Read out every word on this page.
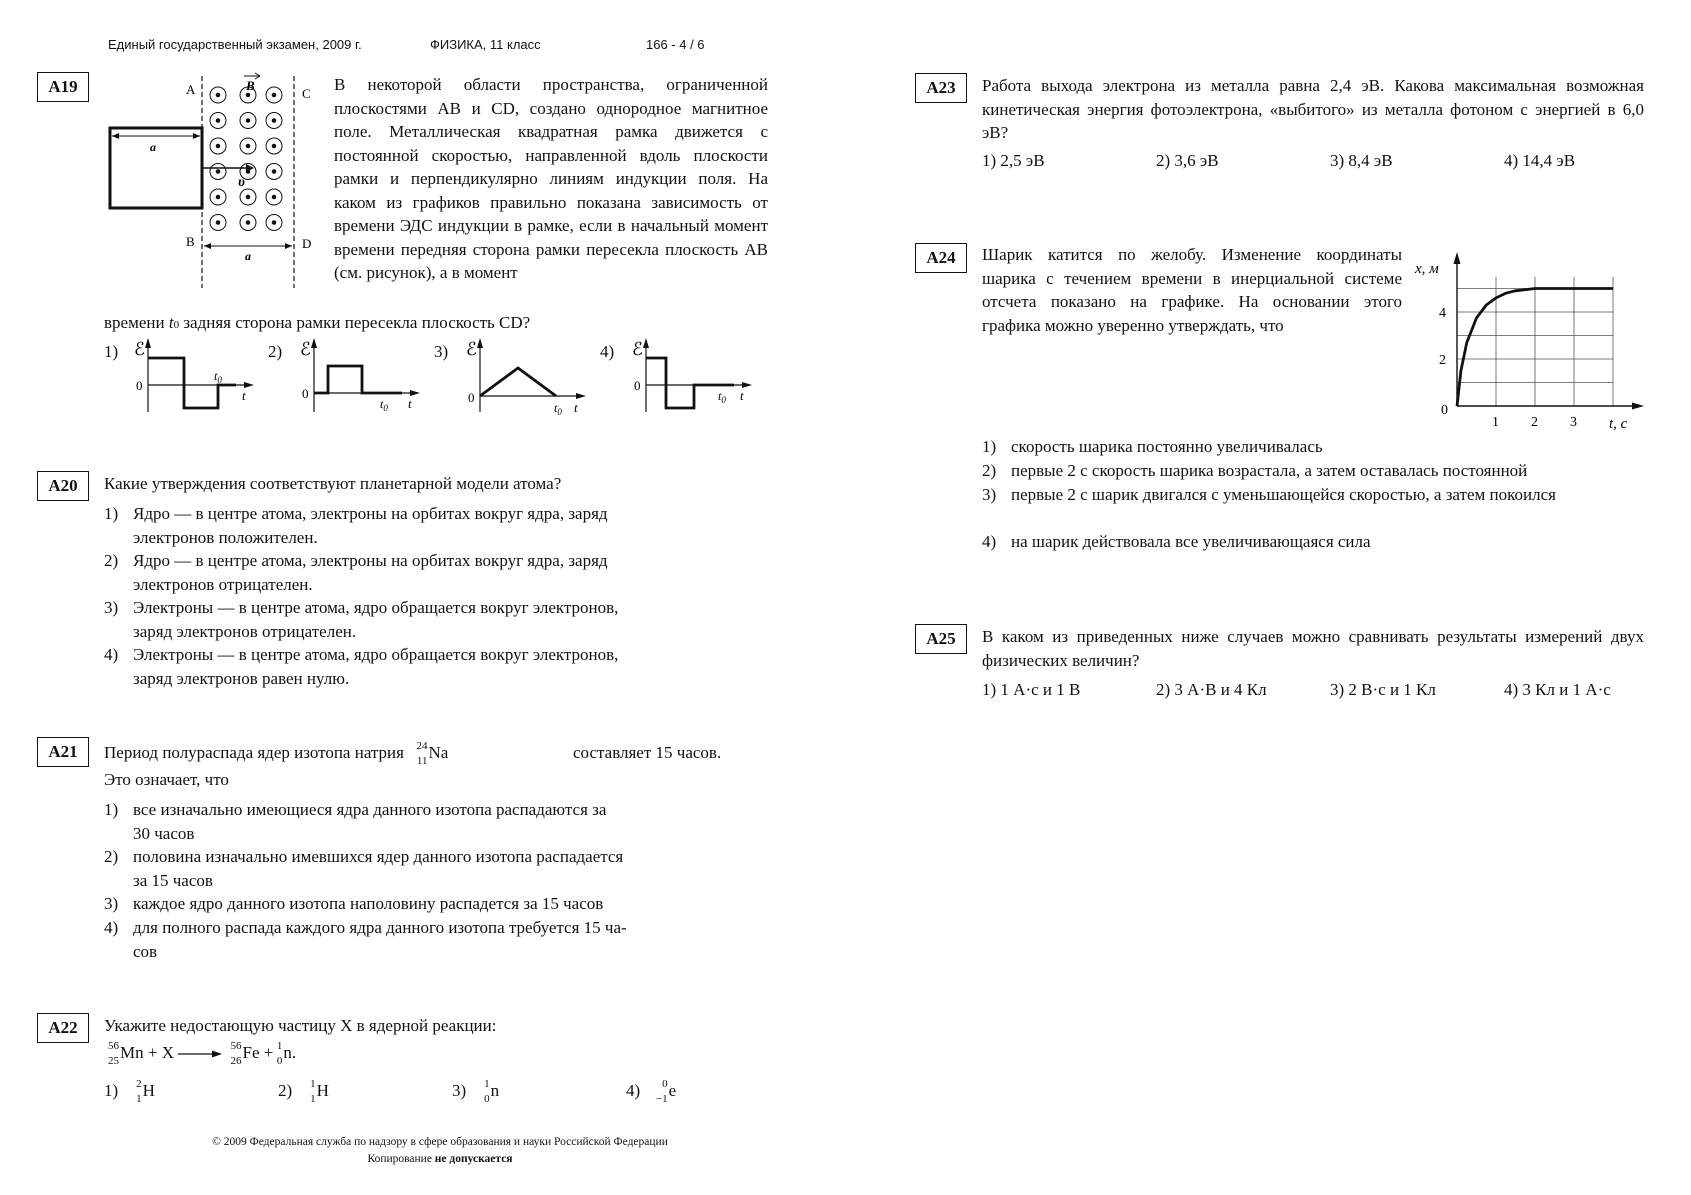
Единый государственный экзамен, 2009 г.	ФИЗИКА, 11 класс	166 - 4 / 6
А19	A
B
C
D
B
a
υ
a
В некоторой области пространства, ограниченной плоскостями AB и CD, создано однородное магнитное поле. Металлическая квадратная рамка движется с постоянной скоростью, направленной вдоль плоскости рамки и перпендикулярно линиям индукции поля. На каком из графиков правильно показана зависимость от времени ЭДС индукции в рамке, если в начальный момент времени передняя сторона рамки пересекла плоскость AB (см. рисунок), а в момент
времени t0 задняя сторона рамки пересекла плоскость CD?
1)	2)	3)	4)
ℰ
0
$t_0$
t
ℰ
0
$t_0$ t
ℰ
0
$t_0$ t
ℰ
0
$t_0$ t
А20	Какие утверждения соответствуют планетарной модели атома?
1) Ядро — в центре атома, электроны на орбитах вокруг ядра, заряд
электронов положителен.
2) Ядро — в центре атома, электроны на орбитах вокруг ядра, заряд
электронов отрицателен.
3) Электроны — в центре атома, ядро обращается вокруг электронов,
заряд электронов отрицателен.
4) Электроны — в центре атома, ядро обращается вокруг электронов,
заряд электронов равен нулю.
А21	Период полураспада ядер изотопа натрия 24
11 Na	составляет 15 часов.
Это означает, что
1) все изначально имеющиеся ядра данного изотопа распадаются за
30 часов
2) половина изначально имевшихся ядер данного изотопа распадается
за 15 часов
3) каждое ядро данного изотопа наполовину распадется за 15 часов
4) для полного распада каждого ядра данного изотопа требуется 15 ча-
сов
А22	Укажите недостающую частицу X в ядерной реакции:
56
25 Mn + X →
56
26 Fe + 1
0 n.
1) 2
1 H	2) 1
1 H	3) 1
0 n	4) 0
−1 e
© 2009 Федеральная служба по надзору в сфере образования и науки Российской Федерации
Копирование не допускается
А23	Работа выхода электрона из металла равна 2,4 эВ. Какова максимальная возможная кинетическая энергия фотоэлектрона, «выбитого» из металла фотоном с энергией в 6,0 эВ?
1) 2,5 эВ	2) 3,6 эВ	3) 8,4 эВ	4) 14,4 эВ
А24	Шарик катится по желобу. Изменение координаты шарика с течением времени в инерциальной системе отсчета показано на графике. На основании этого графика можно уверенно утверждать, что
x, м
t, с
0
1 2 3
2
4
1) скорость шарика постоянно увеличивалась
2) первые 2 с скорость шарика возрастала, а затем оставалась постоянной
3) первые 2 с шарик двигался с уменьшающейся скоростью, а затем покоился
4) на шарик действовала все увеличивающаяся сила
А25	В каком из приведенных ниже случаев можно сравнивать результаты измерений двух физических величин?
1) 1 А·с и 1 В	2) 3 А·В и 4 Кл	3) 2 В·с и 1 Кл	4) 3 Кл и 1 А·с
